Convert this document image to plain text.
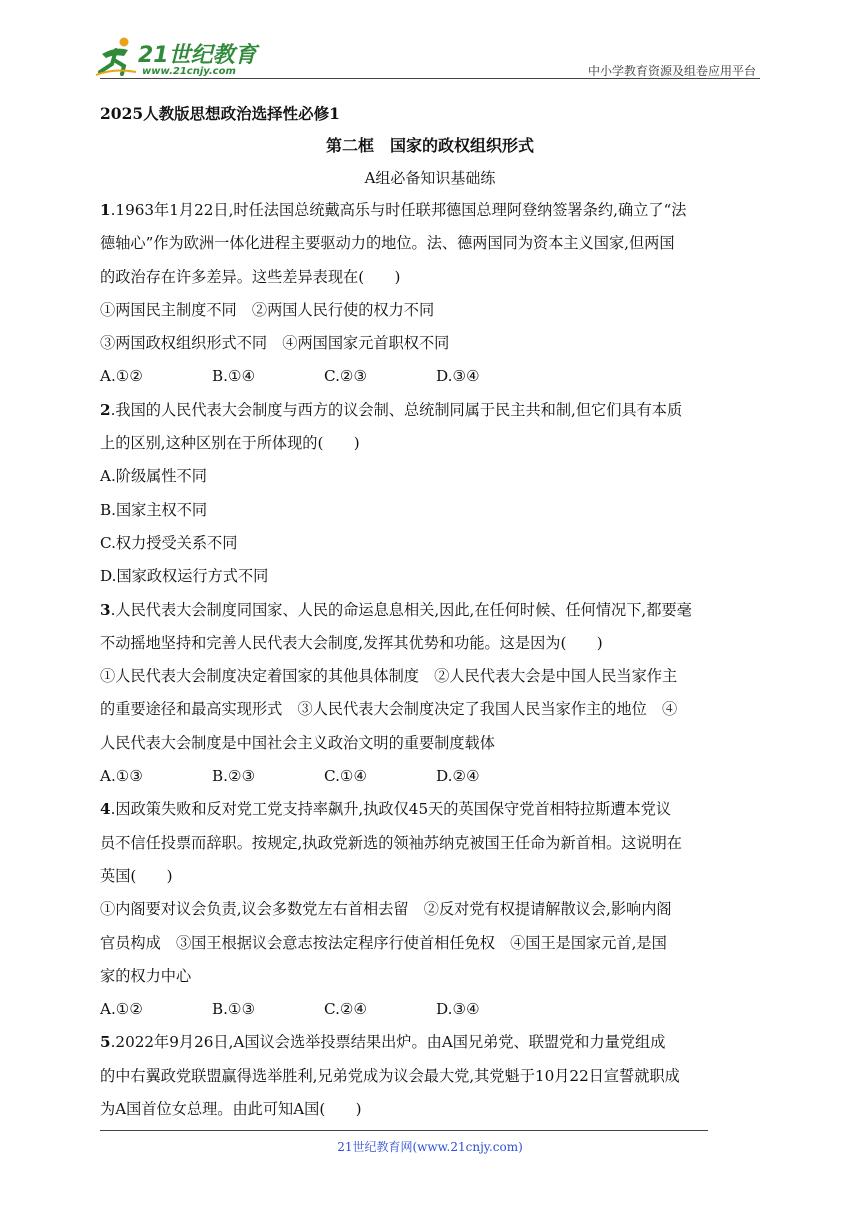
21世纪教育
www.21cnjy.com	中小学教育资源及组卷应用平台
2025人教版思想政治选择性必修1
第二框　国家的政权组织形式
A组必备知识基础练
1.1963年1月22日,时任法国总统戴高乐与时任联邦德国总理阿登纳签署条约,确立了“法
德轴心”作为欧洲一体化进程主要驱动力的地位。法、德两国同为资本主义国家,但两国
的政治存在许多差异。这些差异表现在(　　)
①两国民主制度不同　②两国人民行使的权力不同
③两国政权组织形式不同　④两国国家元首职权不同
A.①②	B.①④	C.②③	D.③④
2.我国的人民代表大会制度与西方的议会制、总统制同属于民主共和制,但它们具有本质
上的区别,这种区别在于所体现的(　　)
A.阶级属性不同
B.国家主权不同
C.权力授受关系不同
D.国家政权运行方式不同
3.人民代表大会制度同国家、人民的命运息息相关,因此,在任何时候、任何情况下,都要毫
不动摇地坚持和完善人民代表大会制度,发挥其优势和功能。这是因为(　　)
①人民代表大会制度决定着国家的其他具体制度　②人民代表大会是中国人民当家作主
的重要途径和最高实现形式　③人民代表大会制度决定了我国人民当家作主的地位　④
人民代表大会制度是中国社会主义政治文明的重要制度载体
A.①③	B.②③	C.①④	D.②④
4.因政策失败和反对党工党支持率飙升,执政仅45天的英国保守党首相特拉斯遭本党议
员不信任投票而辞职。按规定,执政党新选的领袖苏纳克被国王任命为新首相。这说明在
英国(　　)
①内阁要对议会负责,议会多数党左右首相去留　②反对党有权提请解散议会,影响内阁
官员构成　③国王根据议会意志按法定程序行使首相任免权　④国王是国家元首,是国
家的权力中心
A.①②	B.①③	C.②④	D.③④
5.2022年9月26日,A国议会选举投票结果出炉。由A国兄弟党、联盟党和力量党组成
的中右翼政党联盟赢得选举胜利,兄弟党成为议会最大党,其党魁于10月22日宣誓就职成
为A国首位女总理。由此可知A国(　　)
21世纪教育网(www.21cnjy.com)
